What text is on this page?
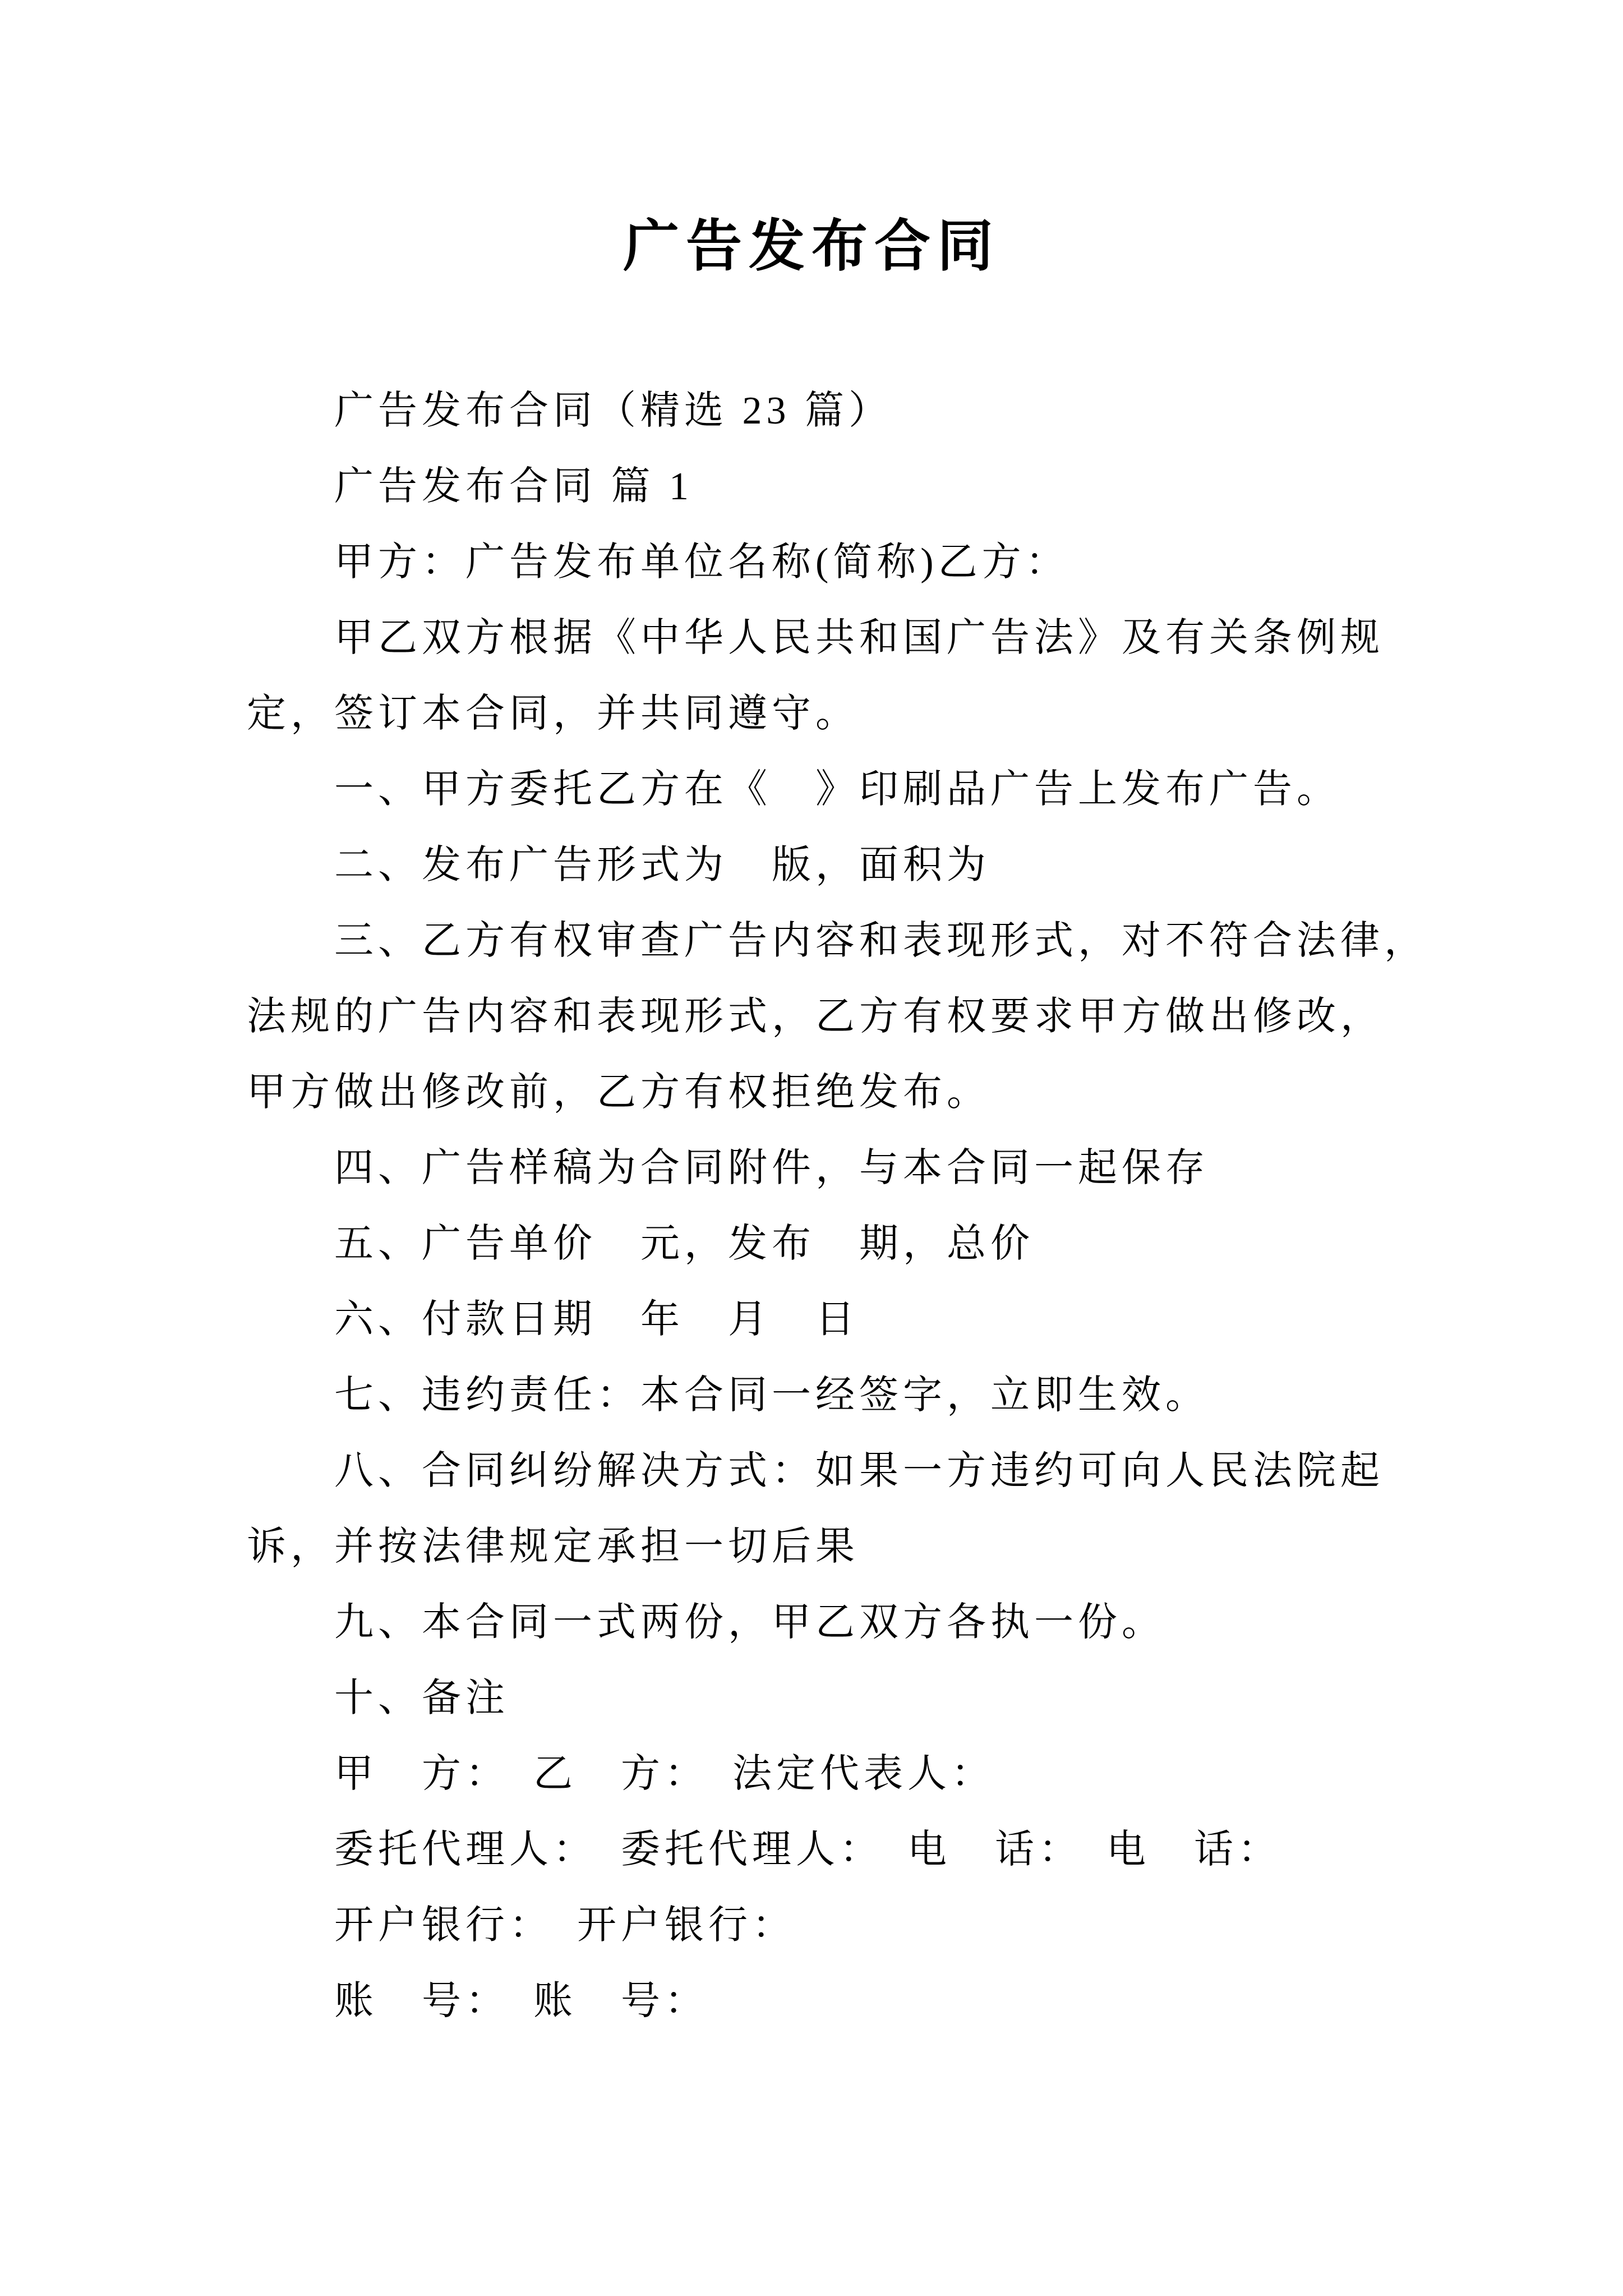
广告发布合同
广告发布合同（精选 23 篇）
广告发布合同 篇 1
甲方：广告发布单位名称(简称)乙方：
甲乙双方根据《中华人民共和国广告法》及有关条例规
定，签订本合同，并共同遵守。
一、甲方委托乙方在《　》印刷品广告上发布广告。
二、发布广告形式为　版，面积为
三、乙方有权审查广告内容和表现形式，对不符合法律，
法规的广告内容和表现形式，乙方有权要求甲方做出修改，
甲方做出修改前，乙方有权拒绝发布。
四、广告样稿为合同附件，与本合同一起保存
五、广告单价　元，发布　期，总价
六、付款日期　年　月　日
七、违约责任：本合同一经签字，立即生效。
八、合同纠纷解决方式：如果一方违约可向人民法院起
诉，并按法律规定承担一切后果
九、本合同一式两份，甲乙双方各执一份。
十、备注
甲　方：　乙　方：　法定代表人：
委托代理人：　委托代理人：　电　话：　电　话：
开户银行：　开户银行：
账　号：　账　号：
